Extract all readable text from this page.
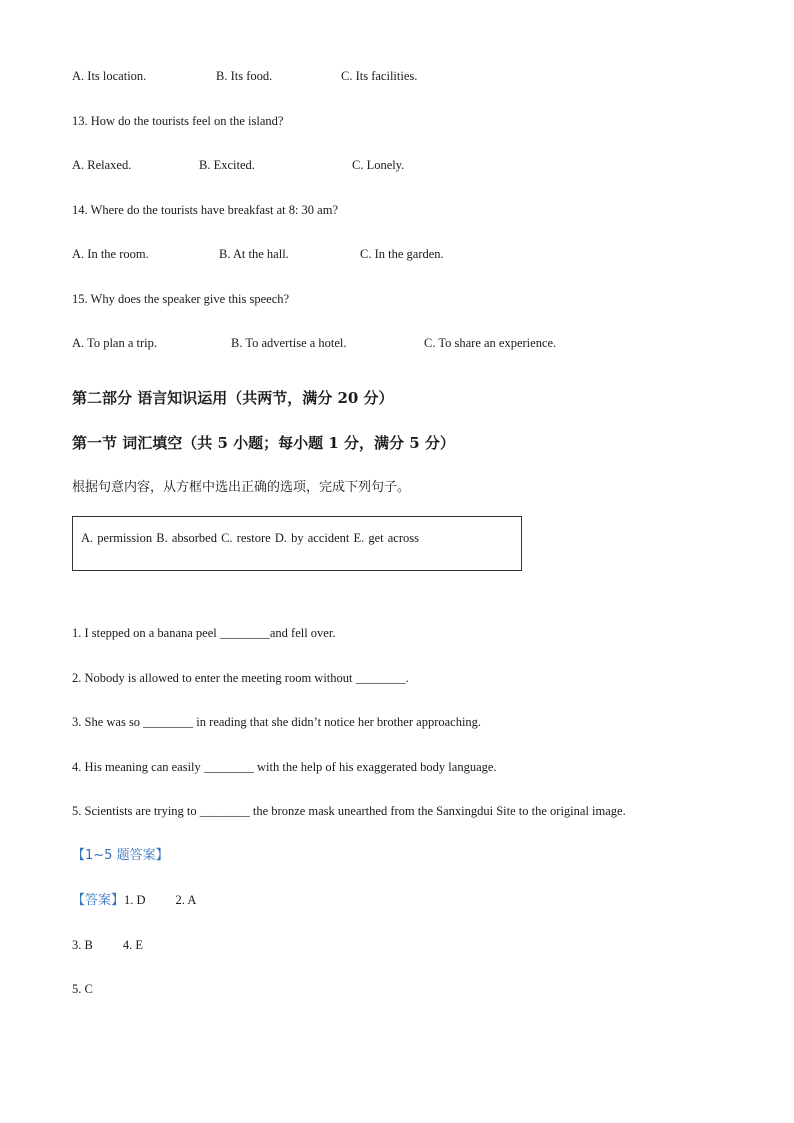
A. Its location.	B. Its food.	C. Its facilities.
13. How do the tourists feel on the island?
A. Relaxed.	B. Excited.	C. Lonely.
14. Where do the tourists have breakfast at 8: 30 am?
A. In the room.	B. At the hall.	C. In the garden.
15. Why does the speaker give this speech?
A. To plan a trip.	B. To advertise a hotel.	C. To share an experience.
第二部分 语言知识运用（共两节，满分 20 分）
第一节 词汇填空（共 5 小题；每小题 1 分，满分 5 分）
根据句意内容，从方框中选出正确的选项，完成下列句子。
A. permission B. absorbed C. restore D. by accident E. get across
1. I stepped on a banana peel ________and fell over.
2. Nobody is allowed to enter the meeting room without ________.
3. She was so ________ in reading that she didn’t notice her brother approaching.
4. His meaning can easily ________ with the help of his exaggerated body language.
5. Scientists are trying to ________ the bronze mask unearthed from the Sanxingdui Site to the original image.
【1~5 题答案】
【答案】1. D 2. A
3. B 4. E
5. C
